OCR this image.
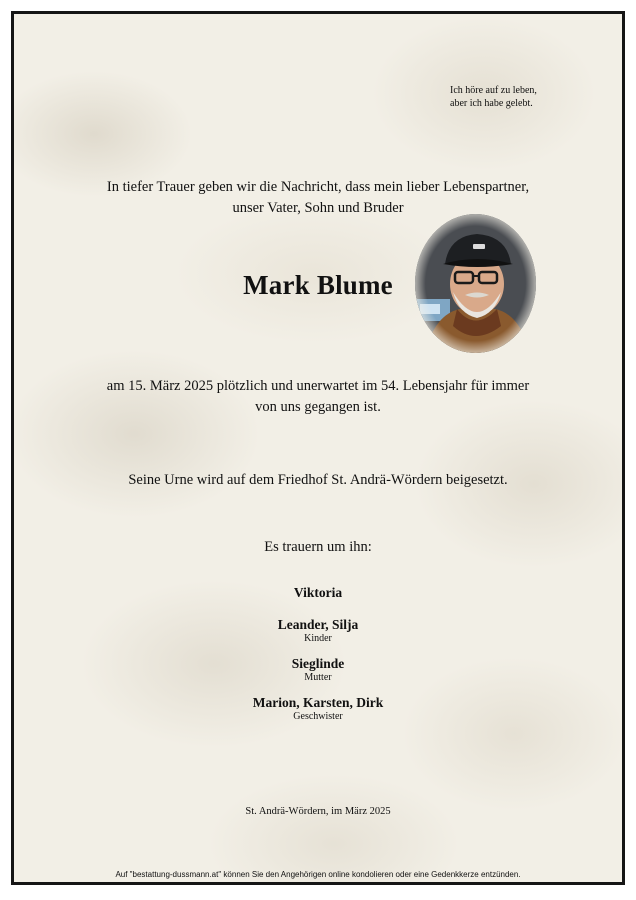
Ich höre auf zu leben,
aber ich habe gelebt.
In tiefer Trauer geben wir die Nachricht, dass mein lieber Lebenspartner,
unser Vater, Sohn und Bruder
Mark Blume
am 15. März 2025 plötzlich und unerwartet im 54. Lebensjahr für immer
von uns gegangen ist.
Seine Urne wird auf dem Friedhof St. Andrä-Wördern beigesetzt.
Es trauern um ihn:
Viktoria
Leander, Silja
Kinder
Sieglinde
Mutter
Marion, Karsten, Dirk
Geschwister
St. Andrä-Wördern, im März 2025
Auf "bestattung-dussmann.at" können Sie den Angehörigen online kondolieren oder eine Gedenkkerze entzünden.
